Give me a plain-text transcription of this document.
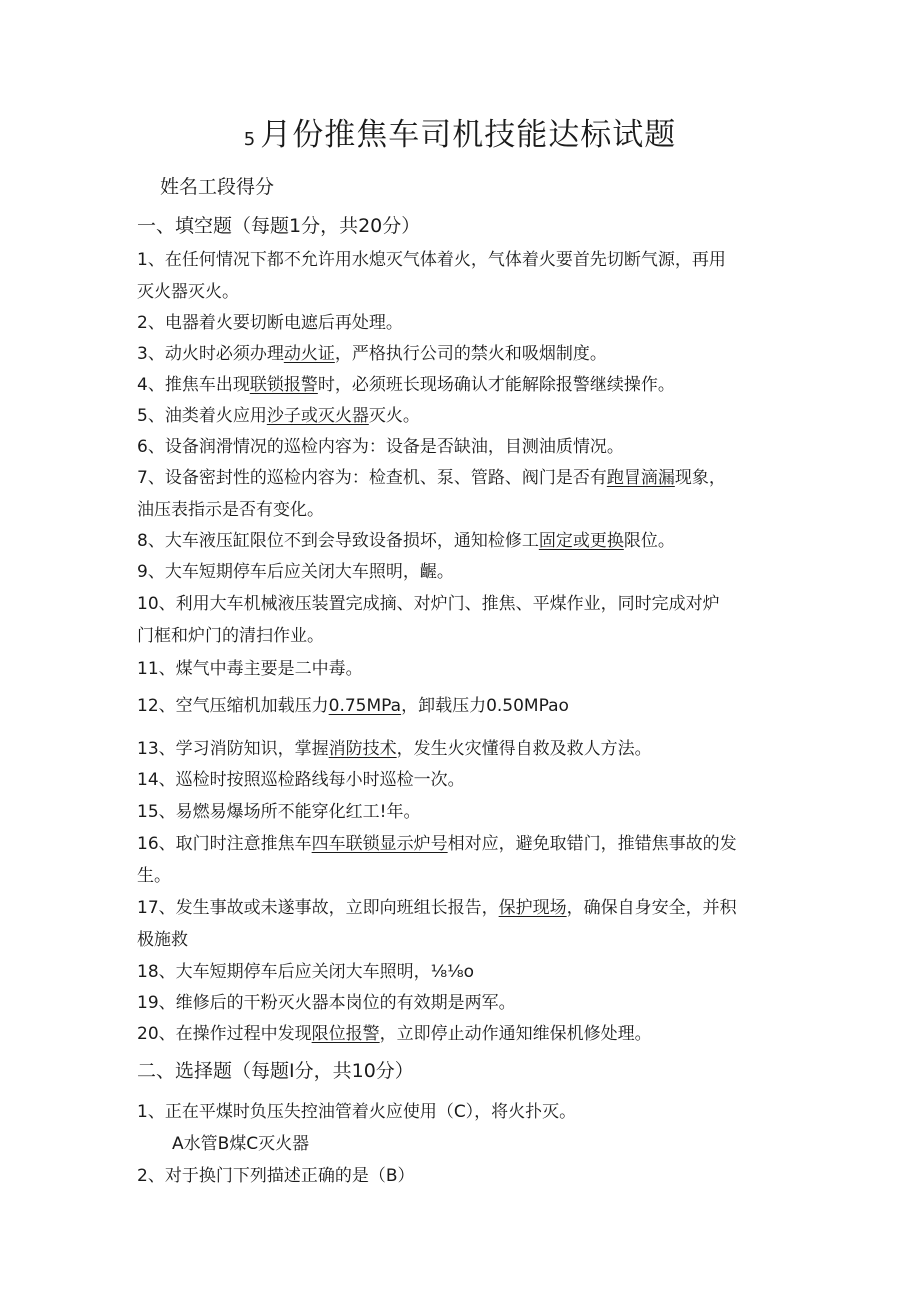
5 月份推焦车司机技能达标试题
姓名工段得分
一、填空题（每题1分，共20分）
1、在任何情况下都不允许用水熄灭气体着火，气体着火要首先切断气源，再用
灭火器灭火。
2、电器着火要切断电遮后再处理。
3、动火时必须办理动火证，严格执行公司的禁火和吸烟制度。
4、推焦车出现联锁报警时，必须班长现场确认才能解除报警继续操作。
5、油类着火应用沙子或灭火器灭火。
6、设备润滑情况的巡检内容为：设备是否缺油，目测油质情况。
7、设备密封性的巡检内容为：检查机、泵、管路、阀门是否有跑冒滴漏现象，
油压表指示是否有变化。
8、大车液压缸限位不到会导致设备损坏，通知检修工固定或更换限位。
9、大车短期停车后应关闭大车照明，齷。
10、利用大车机械液压装置完成摘、对炉门、推焦、平煤作业，同时完成对炉
门框和炉门的清扫作业。
11、煤气中毒主要是二中毒。
12、空气压缩机加载压力0.75MPa，卸载压力0.50MPao
13、学习消防知识，掌握消防技术，发生火灾懂得自救及救人方法。
14、巡检时按照巡检路线每小时巡检一次。
15、易燃易爆场所不能穿化红工!年。
16、取门时注意推焦车四车联锁显示炉号相对应，避免取错门，推错焦事故的发
生。
17、发生事故或未遂事故，立即向班组长报告，保护现场，确保自身安全，并积
极施救
18、大车短期停车后应关闭大车照明，⅛⅛o
19、维修后的干粉灭火器本岗位的有效期是两军。
20、在操作过程中发现限位报警，立即停止动作通知维保机修处理。
二、选择题（每题I分，共10分）
1、正在平煤时负压失控油管着火应使用（C），将火扑灭。
A水管B煤C灭火器
2、对于换门下列描述正确的是（B）
